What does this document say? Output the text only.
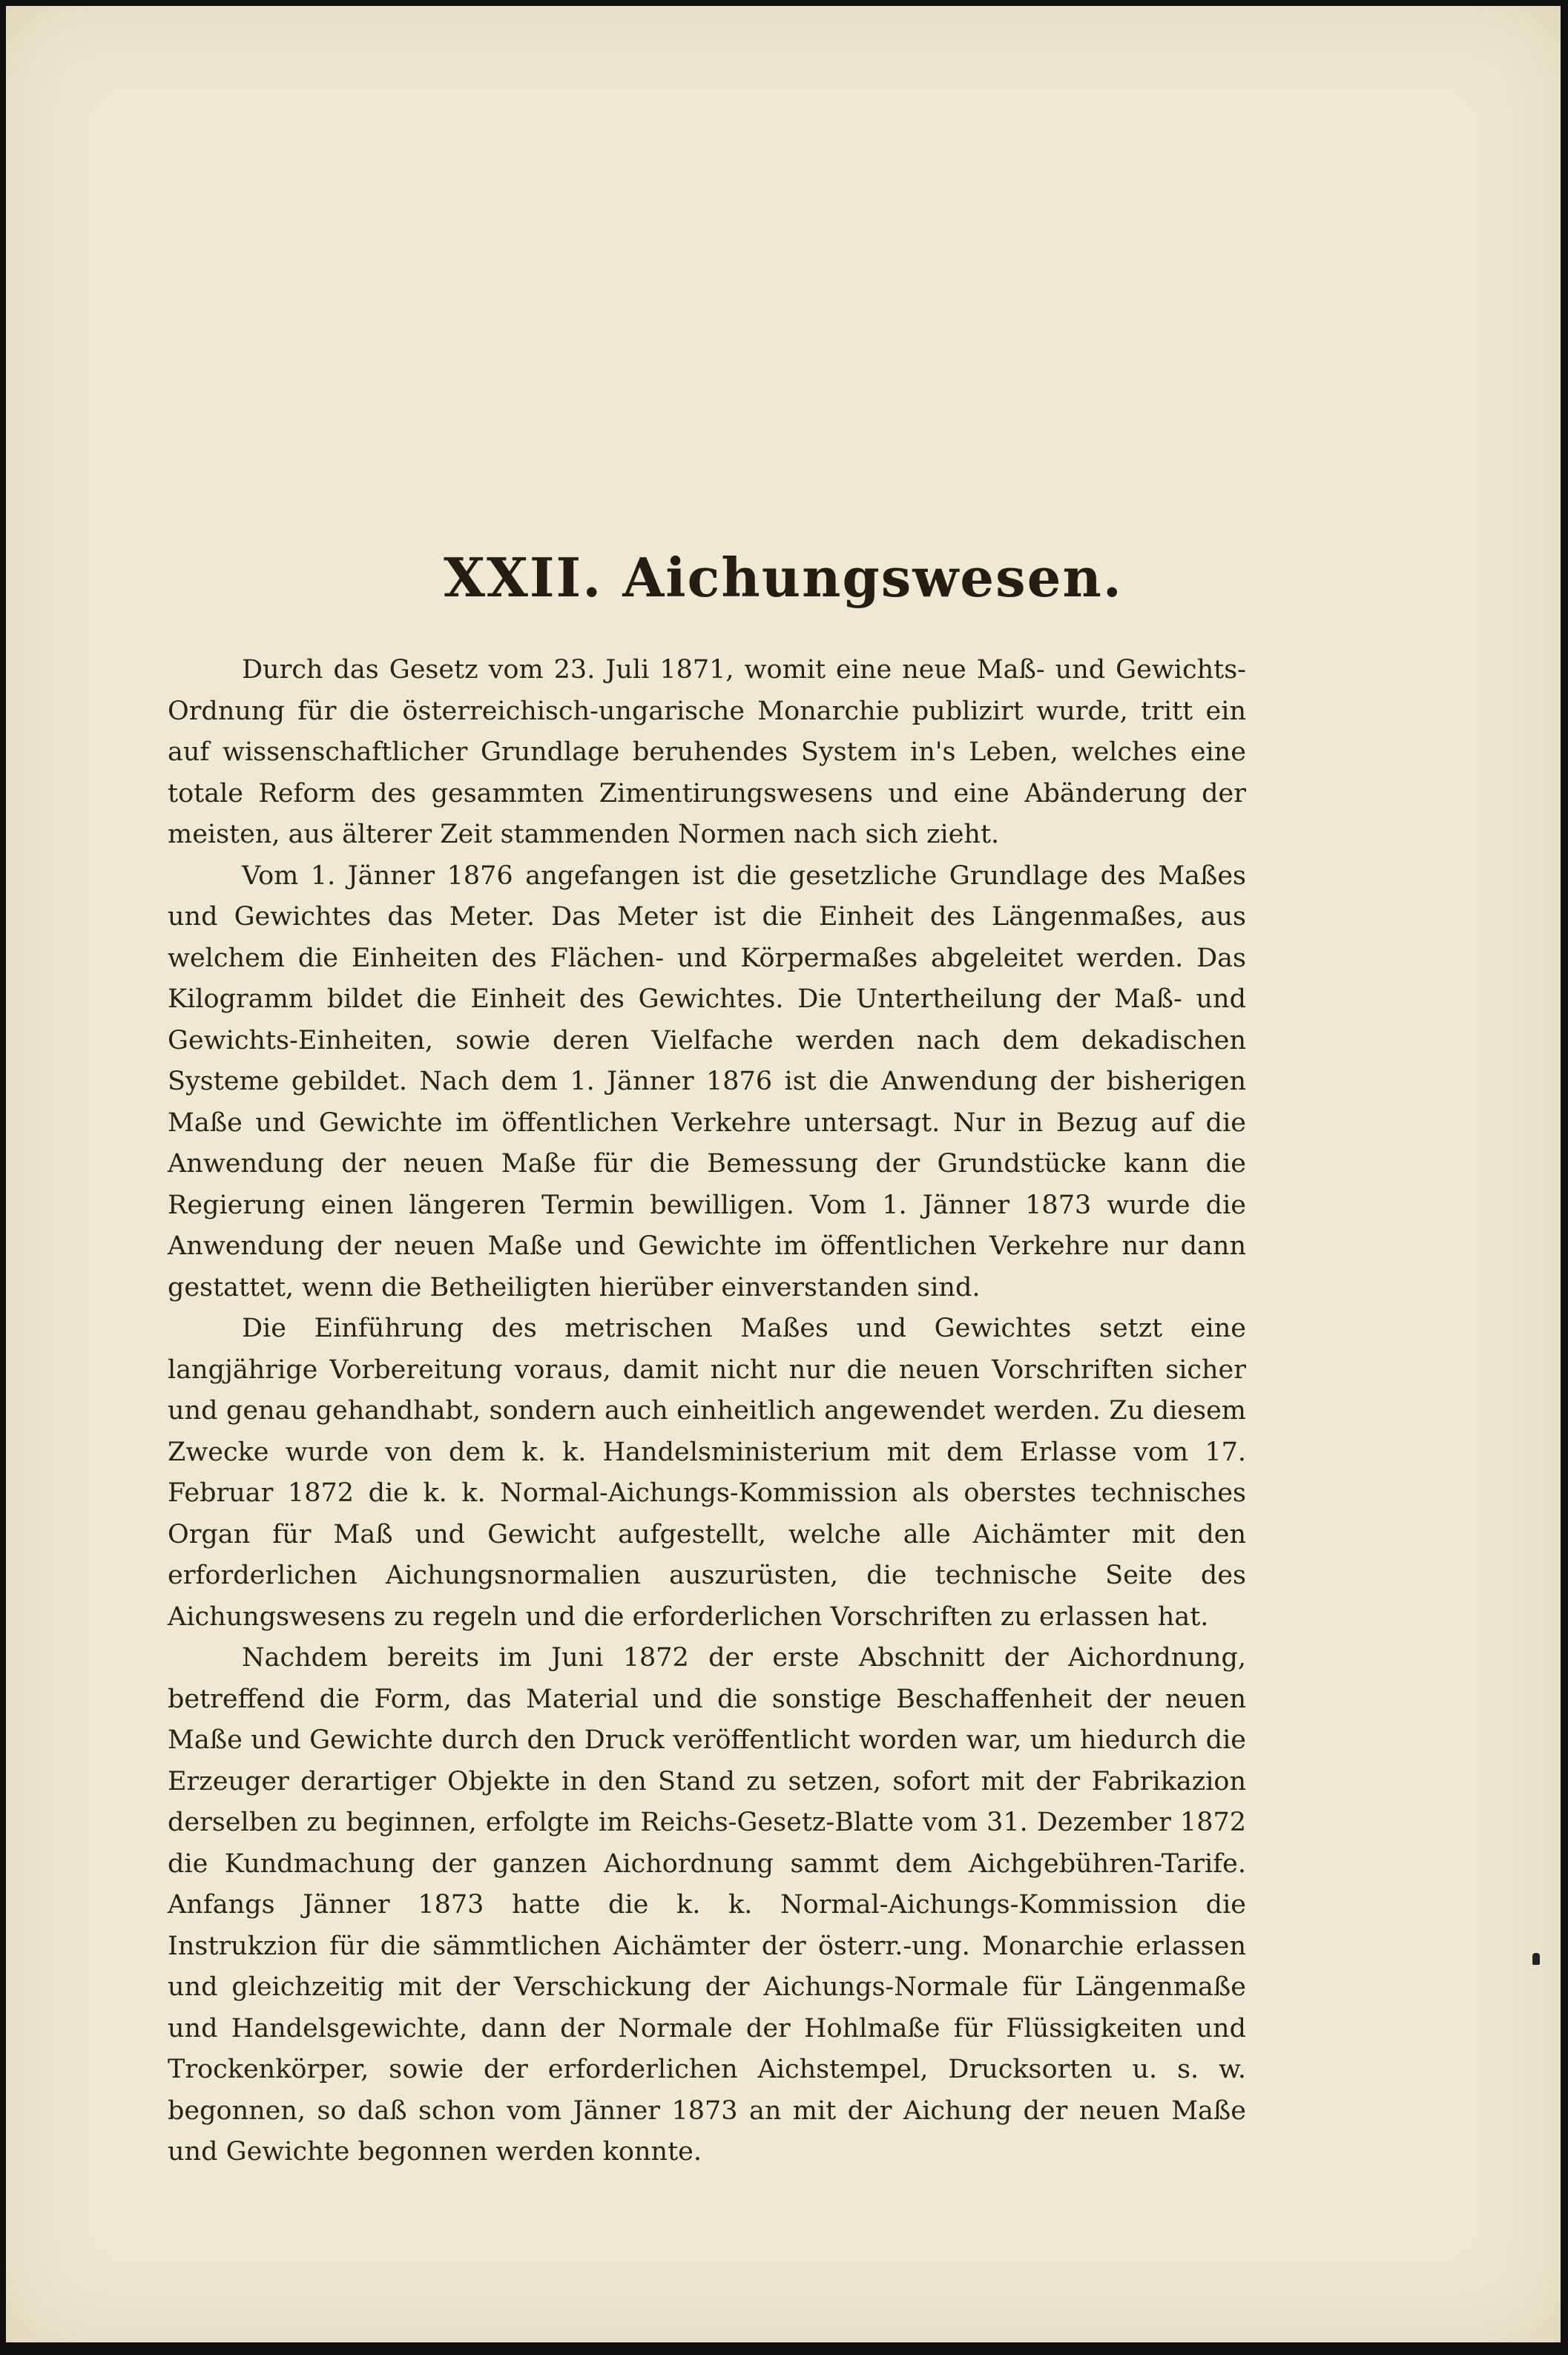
XXII. Aichungswesen.

Durch das Gesetz vom 23. Juli 1871, womit eine neue Maß- und Gewichts-Ordnung für die österreichisch-ungarische Monarchie publizirt wurde, tritt ein auf wissenschaftlicher Grundlage beruhendes System in's Leben, welches eine totale Reform des gesammten Zimentirungswesens und eine Abänderung der meisten, aus älterer Zeit stammenden Normen nach sich zieht.

Vom 1. Jänner 1876 angefangen ist die gesetzliche Grundlage des Maßes und Gewichtes das Meter. Das Meter ist die Einheit des Längenmaßes, aus welchem die Einheiten des Flächen- und Körpermaßes abgeleitet werden. Das Kilogramm bildet die Einheit des Gewichtes. Die Untertheilung der Maß- und Gewichts-Einheiten, sowie deren Vielfache werden nach dem dekadischen Systeme gebildet. Nach dem 1. Jänner 1876 ist die Anwendung der bisherigen Maße und Gewichte im öffentlichen Verkehre untersagt. Nur in Bezug auf die Anwendung der neuen Maße für die Bemessung der Grundstücke kann die Regierung einen längeren Termin bewilligen. Vom 1. Jänner 1873 wurde die Anwendung der neuen Maße und Gewichte im öffentlichen Verkehre nur dann gestattet, wenn die Betheiligten hierüber einverstanden sind.

Die Einführung des metrischen Maßes und Gewichtes setzt eine langjährige Vorbereitung voraus, damit nicht nur die neuen Vorschriften sicher und genau gehandhabt, sondern auch einheitlich angewendet werden. Zu diesem Zwecke wurde von dem k. k. Handelsministerium mit dem Erlasse vom 17. Februar 1872 die k. k. Normal-Aichungs-Kommission als oberstes technisches Organ für Maß und Gewicht aufgestellt, welche alle Aichämter mit den erforderlichen Aichungsnormalien auszurüsten, die technische Seite des Aichungswesens zu regeln und die erforderlichen Vorschriften zu erlassen hat.

Nachdem bereits im Juni 1872 der erste Abschnitt der Aichordnung, betreffend die Form, das Material und die sonstige Beschaffenheit der neuen Maße und Gewichte durch den Druck veröffentlicht worden war, um hiedurch die Erzeuger derartiger Objekte in den Stand zu setzen, sofort mit der Fabrikazion derselben zu beginnen, erfolgte im Reichs-Gesetz-Blatte vom 31. Dezember 1872 die Kundmachung der ganzen Aichordnung sammt dem Aichgebühren-Tarife. Anfangs Jänner 1873 hatte die k. k. Normal-Aichungs-Kommission die Instrukzion für die sämmtlichen Aichämter der österr.-ung. Monarchie erlassen und gleichzeitig mit der Verschickung der Aichungs-Normale für Längenmaße und Handelsgewichte, dann der Normale der Hohlmaße für Flüssigkeiten und Trockenkörper, sowie der erforderlichen Aichstempel, Drucksorten u. s. w. begonnen, so daß schon vom Jänner 1873 an mit der Aichung der neuen Maße und Gewichte begonnen werden konnte.
